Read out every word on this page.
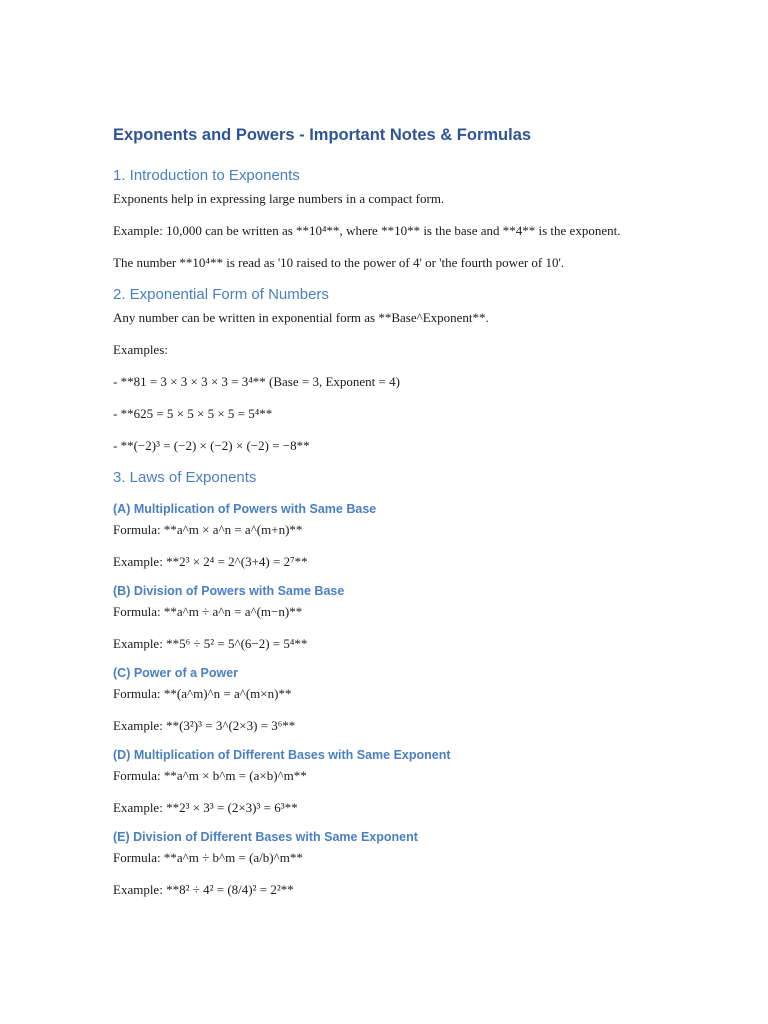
Exponents and Powers - Important Notes & Formulas
1. Introduction to Exponents

Exponents help in expressing large numbers in a compact form.

Example: 10,000 can be written as **10⁴**, where **10** is the base and **4** is the exponent.

The number **10⁴** is read as '10 raised to the power of 4' or 'the fourth power of 10'.

2. Exponential Form of Numbers

Any number can be written in exponential form as **Base^Exponent**.

Examples:

- **81 = 3 × 3 × 3 × 3 = 3⁴** (Base = 3, Exponent = 4)

- **625 = 5 × 5 × 5 × 5 = 5⁴**

- **(−2)³ = (−2) × (−2) × (−2) = −8**

3. Laws of Exponents
(A) Multiplication of Powers with Same Base

Formula: **a^m × a^n = a^(m+n)**

Example: **2³ × 2⁴ = 2^(3+4) = 2⁷**

(B) Division of Powers with Same Base

Formula: **a^m ÷ a^n = a^(m−n)**

Example: **5⁶ ÷ 5² = 5^(6−2) = 5⁴**

(C) Power of a Power

Formula: **(a^m)^n = a^(m×n)**

Example: **(3²)³ = 3^(2×3) = 3⁶**

(D) Multiplication of Different Bases with Same Exponent

Formula: **a^m × b^m = (a×b)^m**

Example: **2³ × 3³ = (2×3)³ = 6³**

(E) Division of Different Bases with Same Exponent

Formula: **a^m ÷ b^m = (a/b)^m**

Example: **8² ÷ 4² = (8/4)² = 2²**
